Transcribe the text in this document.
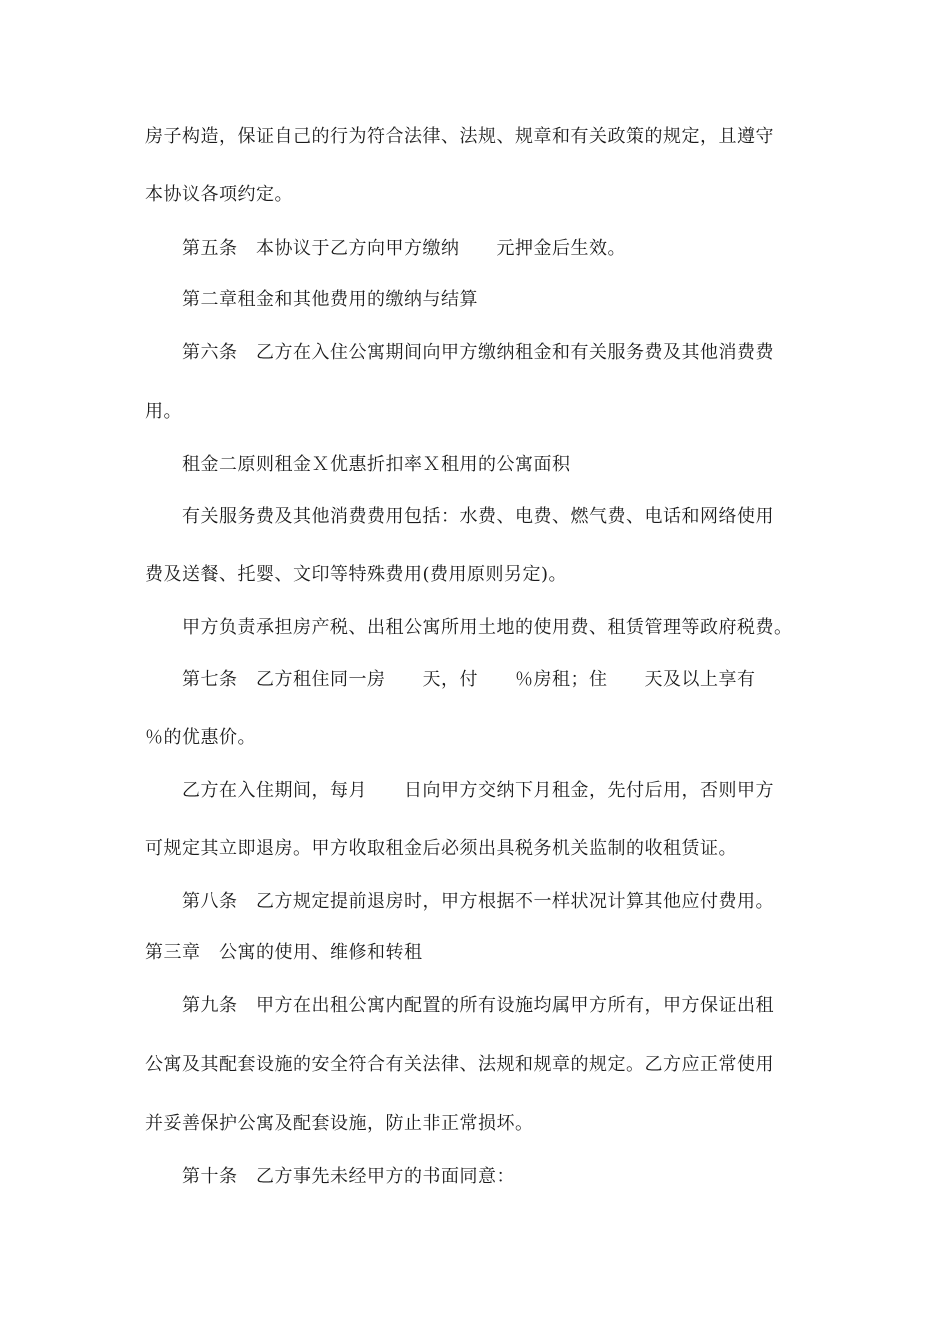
房子构造，保证自己的行为符合法律、法规、规章和有关政策的规定，且遵守
本协议各项约定。
第五条　本协议于乙方向甲方缴纳　　元押金后生效。
第二章租金和其他费用的缴纳与结算
第六条　乙方在入住公寓期间向甲方缴纳租金和有关服务费及其他消费费
用。
租金二原则租金Ｘ优惠折扣率Ｘ租用的公寓面积
有关服务费及其他消费费用包括：水费、电费、燃气费、电话和网络使用
费及送餐、托婴、文印等特殊费用(费用原则另定)。
甲方负责承担房产税、出租公寓所用土地的使用费、租赁管理等政府税费。
第七条　乙方租住同一房　　天，付　　％房租；住　　天及以上享有
％的优惠价。
乙方在入住期间，每月　　日向甲方交纳下月租金，先付后用，否则甲方
可规定其立即退房。甲方收取租金后必须出具税务机关监制的收租赁证。
第八条　乙方规定提前退房时，甲方根据不一样状况计算其他应付费用。
第三章　公寓的使用、维修和转租
第九条　甲方在出租公寓内配置的所有设施均属甲方所有，甲方保证出租
公寓及其配套设施的安全符合有关法律、法规和规章的规定。乙方应正常使用
并妥善保护公寓及配套设施，防止非正常损坏。
第十条　乙方事先未经甲方的书面同意：
